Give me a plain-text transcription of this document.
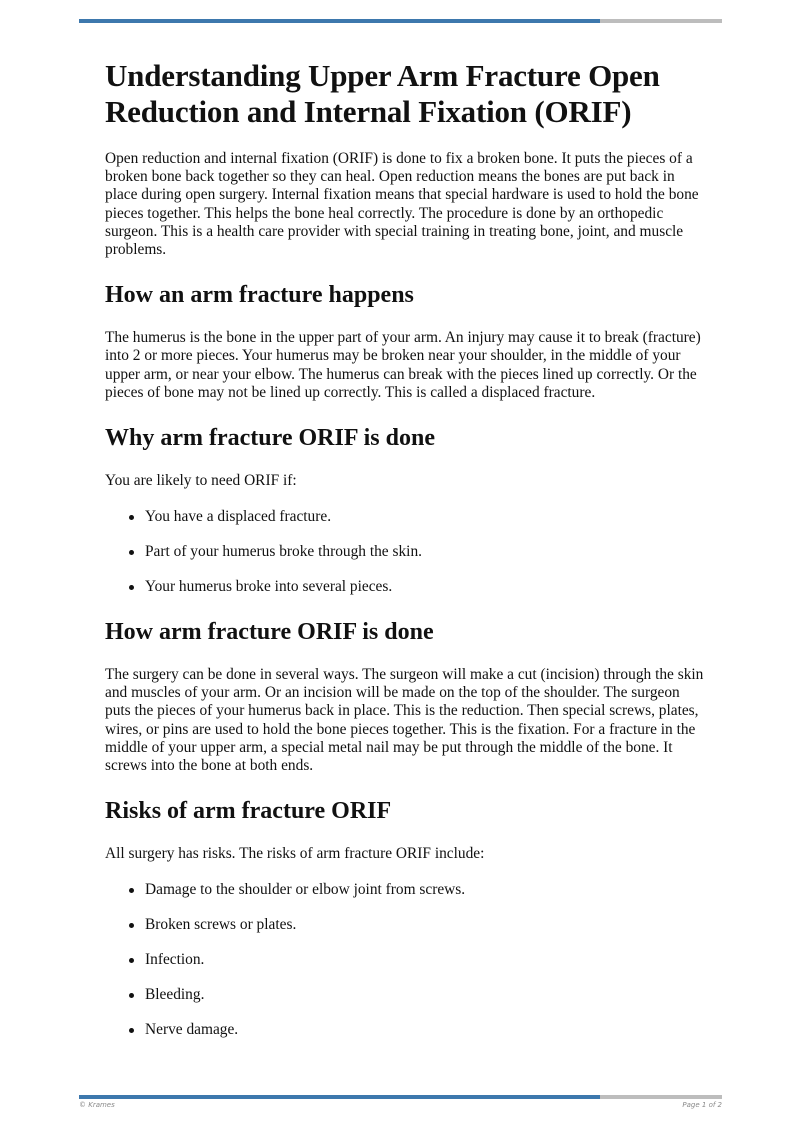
Understanding Upper Arm Fracture Open Reduction and Internal Fixation (ORIF)

Open reduction and internal fixation (ORIF) is done to fix a broken bone. It puts the pieces of a broken bone back together so they can heal. Open reduction means the bones are put back in place during open surgery. Internal fixation means that special hardware is used to hold the bone pieces together. This helps the bone heal correctly. The procedure is done by an orthopedic surgeon. This is a health care provider with special training in treating bone, joint, and muscle problems.

How an arm fracture happens

The humerus is the bone in the upper part of your arm. An injury may cause it to break (fracture) into 2 or more pieces. Your humerus may be broken near your shoulder, in the middle of your upper arm, or near your elbow. The humerus can break with the pieces lined up correctly. Or the pieces of bone may not be lined up correctly. This is called a displaced fracture.

Why arm fracture ORIF is done

You are likely to need ORIF if:

You have a displaced fracture.
Part of your humerus broke through the skin.
Your humerus broke into several pieces.
How arm fracture ORIF is done

The surgery can be done in several ways. The surgeon will make a cut (incision) through the skin and muscles of your arm. Or an incision will be made on the top of the shoulder. The surgeon puts the pieces of your humerus back in place. This is the reduction. Then special screws, plates, wires, or pins are used to hold the bone pieces together. This is the fixation. For a fracture in the middle of your upper arm, a special metal nail may be put through the middle of the bone. It screws into the bone at both ends.

Risks of arm fracture ORIF

All surgery has risks. The risks of arm fracture ORIF include:

Damage to the shoulder or elbow joint from screws.
Broken screws or plates.
Infection.
Bleeding.
Nerve damage.
© Krames	Page 1 of 2
